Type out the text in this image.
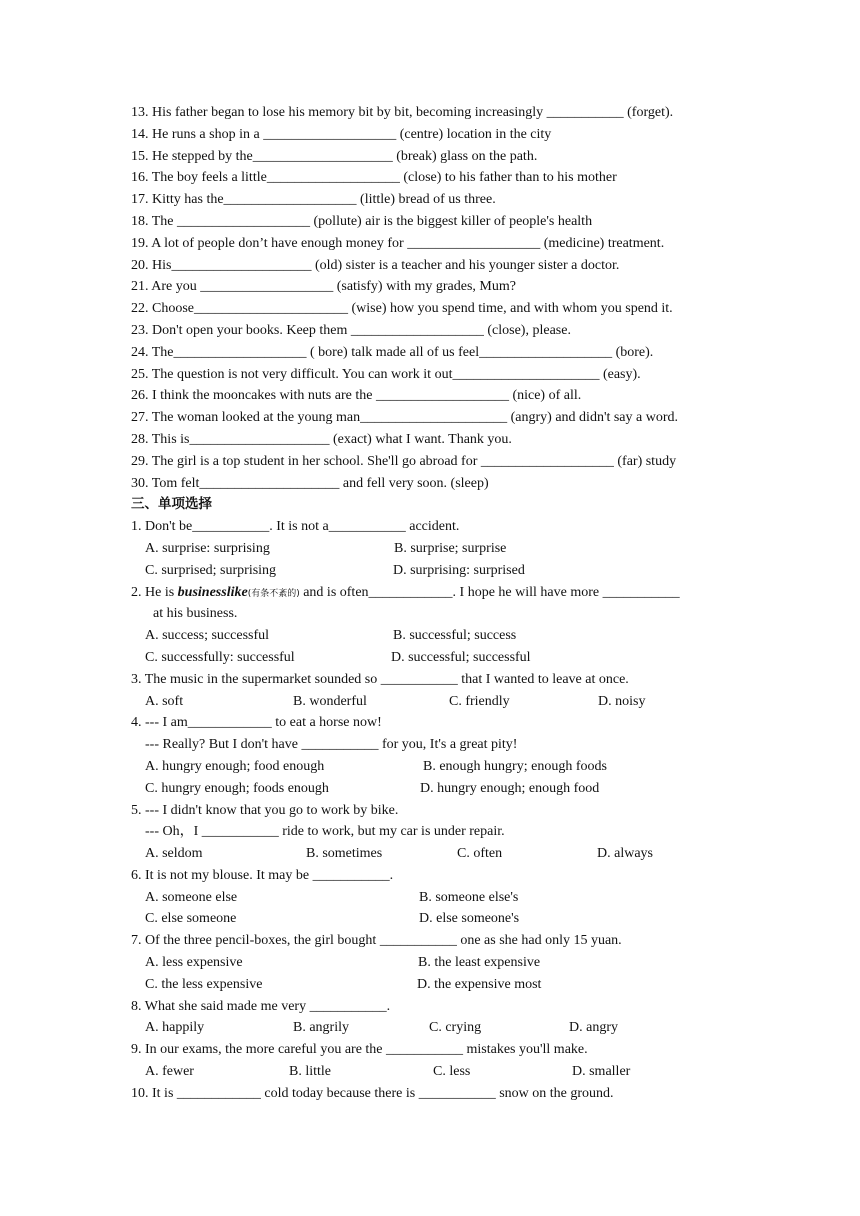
13. His father began to lose his memory bit by bit, becoming increasingly ___________ (forget).
14. He runs a shop in a ___________________ (centre) location in the city
15. He stepped by the____________________ (break) glass on the path.
16. The boy feels a little___________________ (close) to his father than to his mother
17. Kitty has the___________________ (little) bread of us three.
18. The ___________________ (pollute) air is the biggest killer of people's health
19. A lot of people don’t have enough money for ___________________ (medicine) treatment.
20. His____________________ (old) sister is a teacher and his younger sister a doctor.
21. Are you ___________________ (satisfy) with my grades, Mum?
22. Choose______________________ (wise) how you spend time, and with whom you spend it.
23. Don't open your books. Keep them ___________________ (close), please.
24. The___________________ ( bore) talk made all of us feel___________________ (bore).
25. The question is not very difficult. You can work it out_____________________ (easy).
26. I think the mooncakes with nuts are the ___________________ (nice) of all.
27. The woman looked at the young man_____________________ (angry) and didn't say a word.
28. This is____________________ (exact) what I want. Thank you.
29. The girl is a top student in her school. She'll go abroad for ___________________ (far) study
30. Tom felt____________________ and fell very soon. (sleep)
三、单项选择
1. Don't be___________. It is not a___________ accident.
A. surprise: surprising	B. surprise; surprise
C. surprised; surprising	D. surprising: surprised
2. He is businesslike(有条不紊的) and is often____________. I hope he will have more ___________
at his business.
A. success; successful	B. successful; success
C. successfully: successful	D. successful; successful
3. The music in the supermarket sounded so ___________ that I wanted to leave at once.
A. soft	B. wonderful	C. friendly	D. noisy
4. --- I am____________ to eat a horse now!
--- Really? But I don't have ___________ for you, It's a great pity!
A. hungry enough; food enough	B. enough hungry; enough foods
C. hungry enough; foods enough	D. hungry enough; enough food
5. --- I didn't know that you go to work by bike.
--- Oh，I ___________ ride to work, but my car is under repair.
A. seldom	B. sometimes	C. often	D. always
6. It is not my blouse. It may be ___________.
A. someone else	B. someone else's
C. else someone	D. else someone's
7. Of the three pencil-boxes, the girl bought ___________ one as she had only 15 yuan.
A. less expensive	B. the least expensive
C. the less expensive	D. the expensive most
8. What she said made me very ___________.
A. happily	B. angrily	C. crying	D. angry
9. In our exams, the more careful you are the ___________ mistakes you'll make.
A. fewer	B. little	C. less	D. smaller
10. It is ____________ cold today because there is ___________ snow on the ground.
